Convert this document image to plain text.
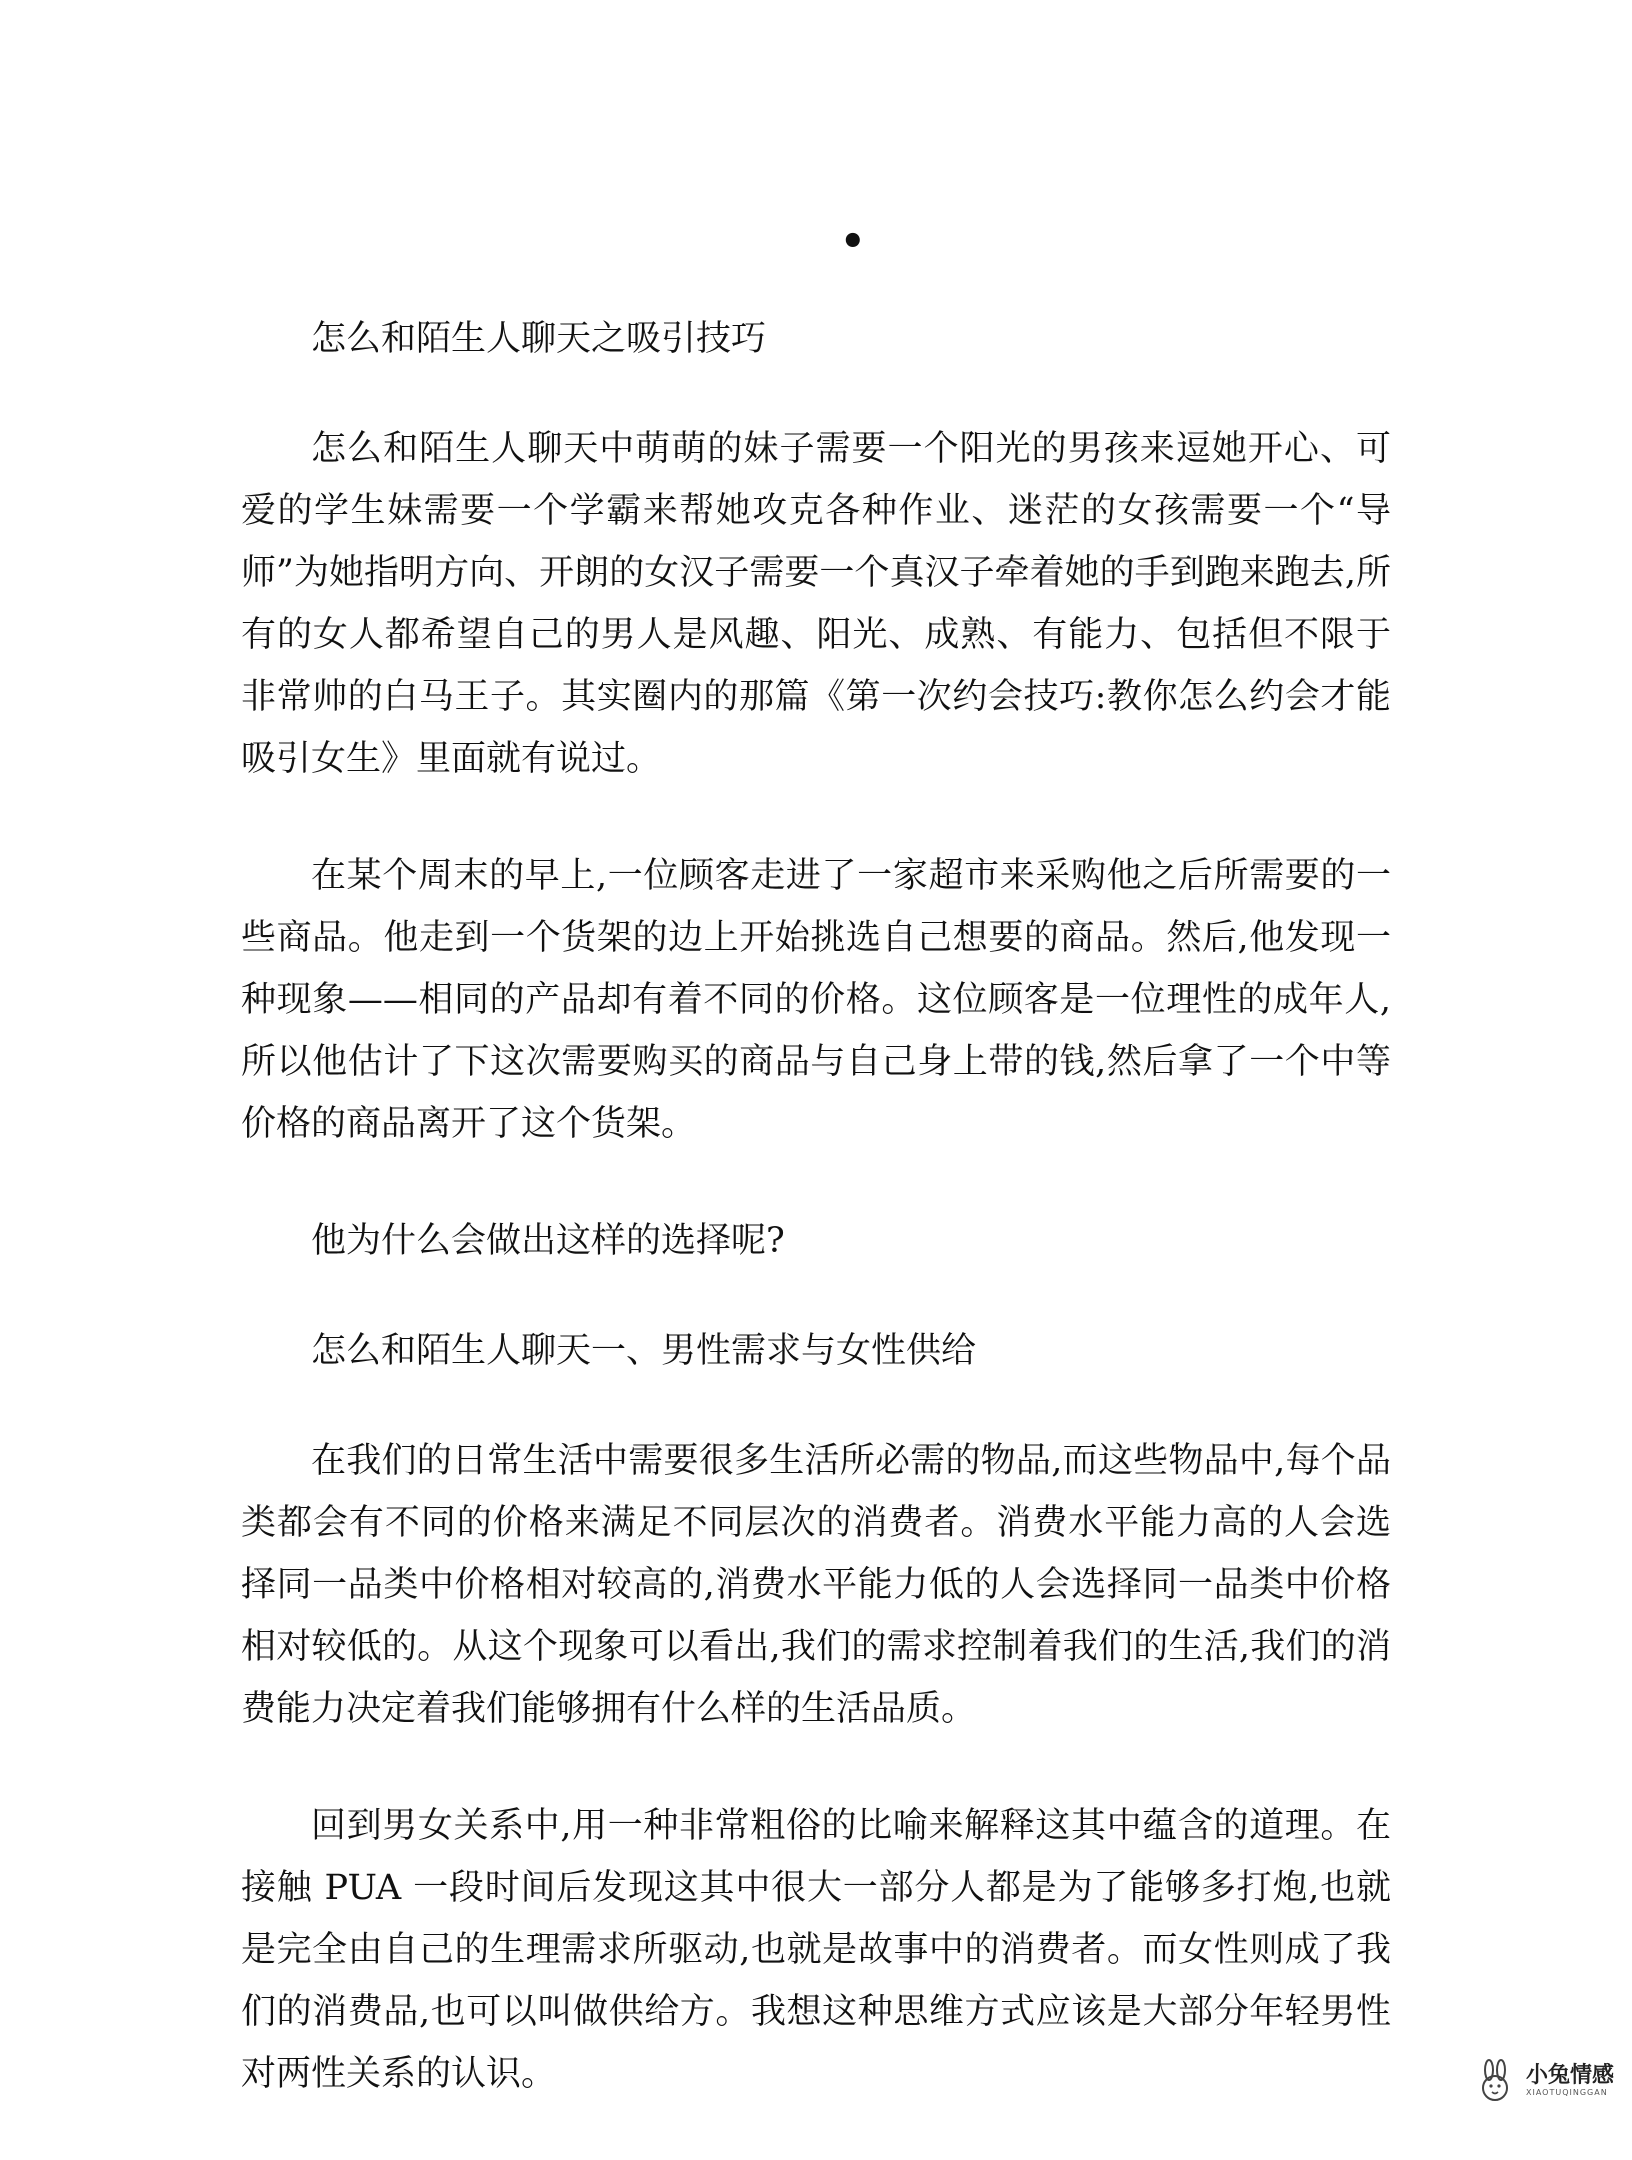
•

怎么和陌生人聊天之吸引技巧

怎么和陌生人聊天中萌萌的妹子需要一个阳光的男孩来逗她开心、可爱的学生妹需要一个学霸来帮她攻克各种作业、迷茫的女孩需要一个“导师”为她指明方向、开朗的女汉子需要一个真汉子牵着她的手到跑来跑去,所有的女人都希望自己的男人是风趣、阳光、成熟、有能力、包括但不限于非常帅的白马王子。其实圈内的那篇《第一次约会技巧:教你怎么约会才能吸引女生》里面就有说过。

在某个周末的早上,一位顾客走进了一家超市来采购他之后所需要的一些商品。他走到一个货架的边上开始挑选自己想要的商品。然后,他发现一种现象——相同的产品却有着不同的价格。这位顾客是一位理性的成年人,所以他估计了下这次需要购买的商品与自己身上带的钱,然后拿了一个中等价格的商品离开了这个货架。

他为什么会做出这样的选择呢?

怎么和陌生人聊天一、男性需求与女性供给

在我们的日常生活中需要很多生活所必需的物品,而这些物品中,每个品类都会有不同的价格来满足不同层次的消费者。消费水平能力高的人会选择同一品类中价格相对较高的,消费水平能力低的人会选择同一品类中价格相对较低的。从这个现象可以看出,我们的需求控制着我们的生活,我们的消费能力决定着我们能够拥有什么样的生活品质。

回到男女关系中,用一种非常粗俗的比喻来解释这其中蕴含的道理。在接触 PUA 一段时间后发现这其中很大一部分人都是为了能够多打炮,也就是完全由自己的生理需求所驱动,也就是故事中的消费者。而女性则成了我们的消费品,也可以叫做供给方。我想这种思维方式应该是大部分年轻男性对两性关系的认识。	小兔情感
XIAOTUQINGGAN
